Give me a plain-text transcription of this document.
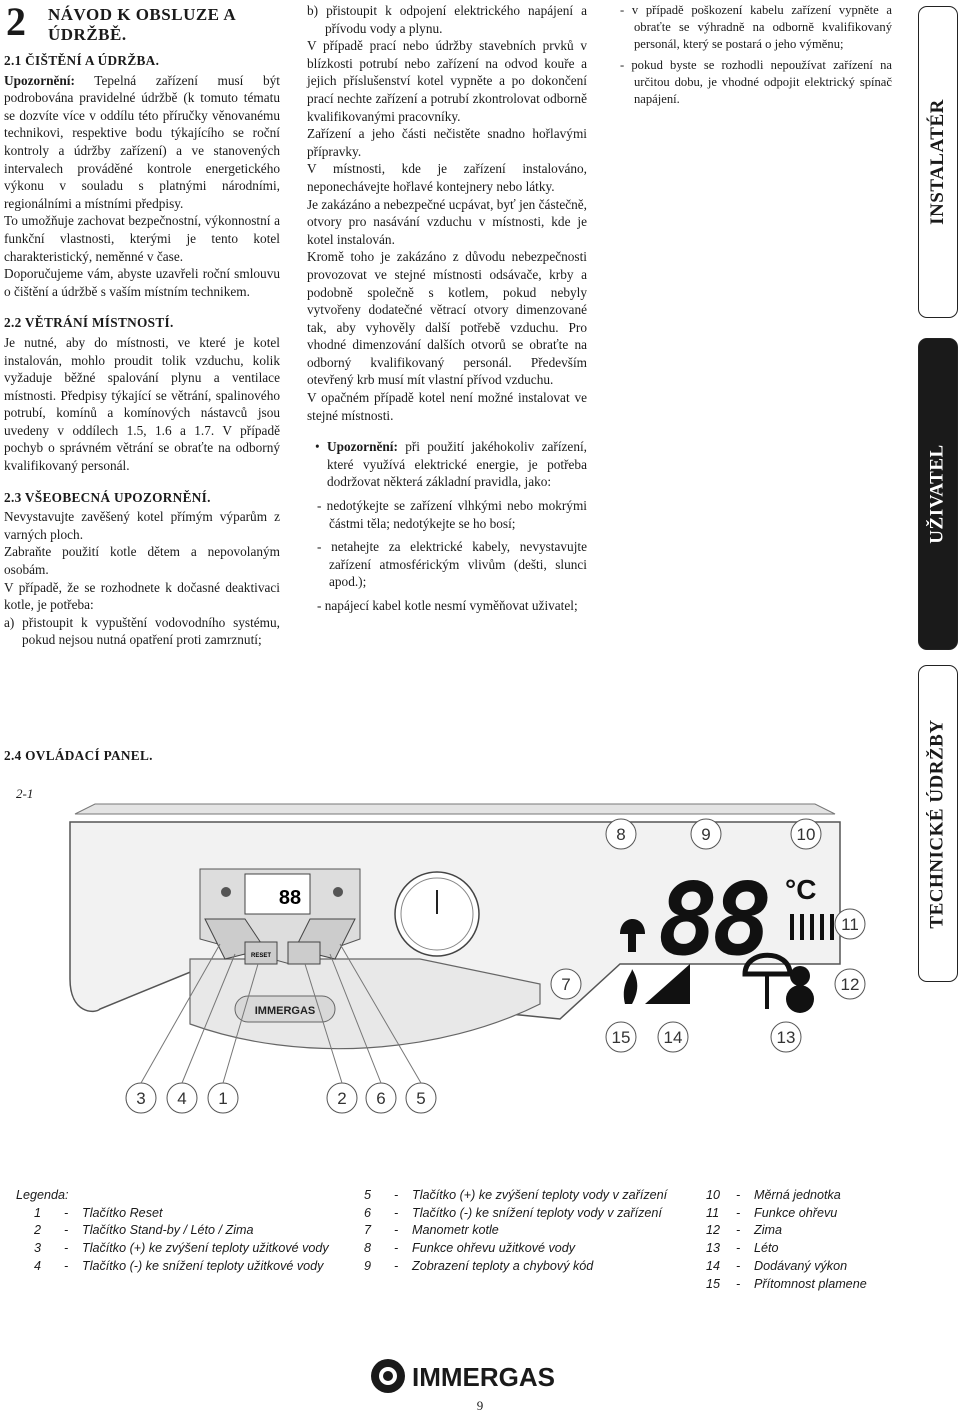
2 NÁVOD K OBSLUZE A ÚDRŽBĚ.

2.1 ČIŠTĚNÍ A ÚDRŽBA.

Upozornění: Tepelná zařízení musí být podrobována pravidelné údržbě (k tomuto tématu se dozvíte více v oddílu této příručky věnovanému technikovi, respektive bodu týkajícího se roční kontroly a údržby zařízení) a ve stanovených intervalech prováděné kontrole energetického výkonu v souladu s platnými národními, regionálními a místními předpisy.

To umožňuje zachovat bezpečnostní, výkonnostní a funkční vlastnosti, kterými je tento kotel charakteristický, neměnné v čase.

Doporučujeme vám, abyste uzavřeli roční smlouvu o čištění a údržbě s vaším místním technikem.

2.2 VĚTRÁNÍ MÍSTNOSTÍ.

Je nutné, aby do místnosti, ve které je kotel instalován, mohlo proudit tolik vzduchu, kolik vyžaduje běžné spalování plynu a ventilace místnosti. Předpisy týkající se větrání, spalinového potrubí, komínů a komínových nástavců jsou uvedeny v oddílech 1.5, 1.6 a 1.7. V případě pochyb o správném větrání se obraťte na odborný kvalifikovaný personál.

2.3 VŠEOBECNÁ UPOZORNĚNÍ.

Nevystavujte zavěšený kotel přímým výparům z varných ploch.

Zabraňte použití kotle dětem a nepovolaným osobám.

V případě, že se rozhodnete k dočasné deaktivaci kotle, je potřeba:

a) přistoupit k vypuštění vodovodního systému, pokud nejsou nutná opatření proti zamrznutí;

b) přistoupit k odpojení elektrického napájení a přívodu vody a plynu.

V případě prací nebo údržby stavebních prvků v blízkosti potrubí nebo zařízení na odvod kouře a jejich příslušenství kotel vypněte a po dokončení prací nechte zařízení a potrubí zkontrolovat odborně kvalifikovanými pracovníky.

Zařízení a jeho části nečistěte snadno hořlavými přípravky.

V místnosti, kde je zařízení instalováno, neponechávejte hořlavé kontejnery nebo látky.

Je zakázáno a nebezpečné ucpávat, byť jen částečně, otvory pro nasávání vzduchu v místnosti, kde je kotel instalován.

Kromě toho je zakázáno z důvodu nebezpečnosti provozovat ve stejné místnosti odsávače, krby a podobně společně s kotlem, pokud nebyly vytvořeny dodatečné větrací otvory dimenzované tak, aby vyhověly další potřebě vzduchu. Pro vhodné dimenzování dalších otvorů se obraťte na odborný kvalifikovaný personál. Především otevřený krb musí mít vlastní přívod vzduchu.

V opačném případě kotel není možné instalovat ve stejné místnosti.

• Upozornění: při použití jakéhokoliv zařízení, které využívá elektrické energie, je potřeba dodržovat některá základní pravidla, jako:

- nedotýkejte se zařízení vlhkými nebo mokrými částmi těla; nedotýkejte se ho bosí;

- netahejte za elektrické kabely, nevystavujte zařízení atmosférickým vlivům (dešti, slunci apod.);

- napájecí kabel kotle nesmí vyměňovat uživatel;

- v případě poškození kabelu zařízení vypněte a obraťte se výhradně na odborně kvalifikovaný personál, který se postará o jeho výměnu;

- pokud byste se rozhodli nepoužívat zařízení na určitou dobu, je vhodné odpojit elektrický spínač napájení.

INSTALATÉR
UŽIVATEL
TECHNICKÉ ÚDRŽBY
2.4 OVLÁDACÍ PANEL.
IMMERGAS
88
RESET	88 °C
3 4 1	2 6 5
8	9	10
11
12
7
15 14	13
2-1
Legenda:
1	-	Tlačítko Reset
2	-	Tlačítko Stand-by / Léto / Zima
3	-	Tlačítko (+) ke zvýšení teploty užitkové vody
4	-	Tlačítko (-) ke snížení teploty užitkové vody
5	-	Tlačítko (+) ke zvýšení teploty vody v zařízení
6	-	Tlačítko (-) ke snížení teploty vody v zařízení
7	-	Manometr kotle
8	-	Funkce ohřevu užitkové vody
9	-	Zobrazení teploty a chybový kód
10	-	Měrná jednotka
11	-	Funkce ohřevu
12	-	Zima
13	-	Léto
14	-	Dodávaný výkon
15	-	Přítomnost plamene
IMMERGAS
9
